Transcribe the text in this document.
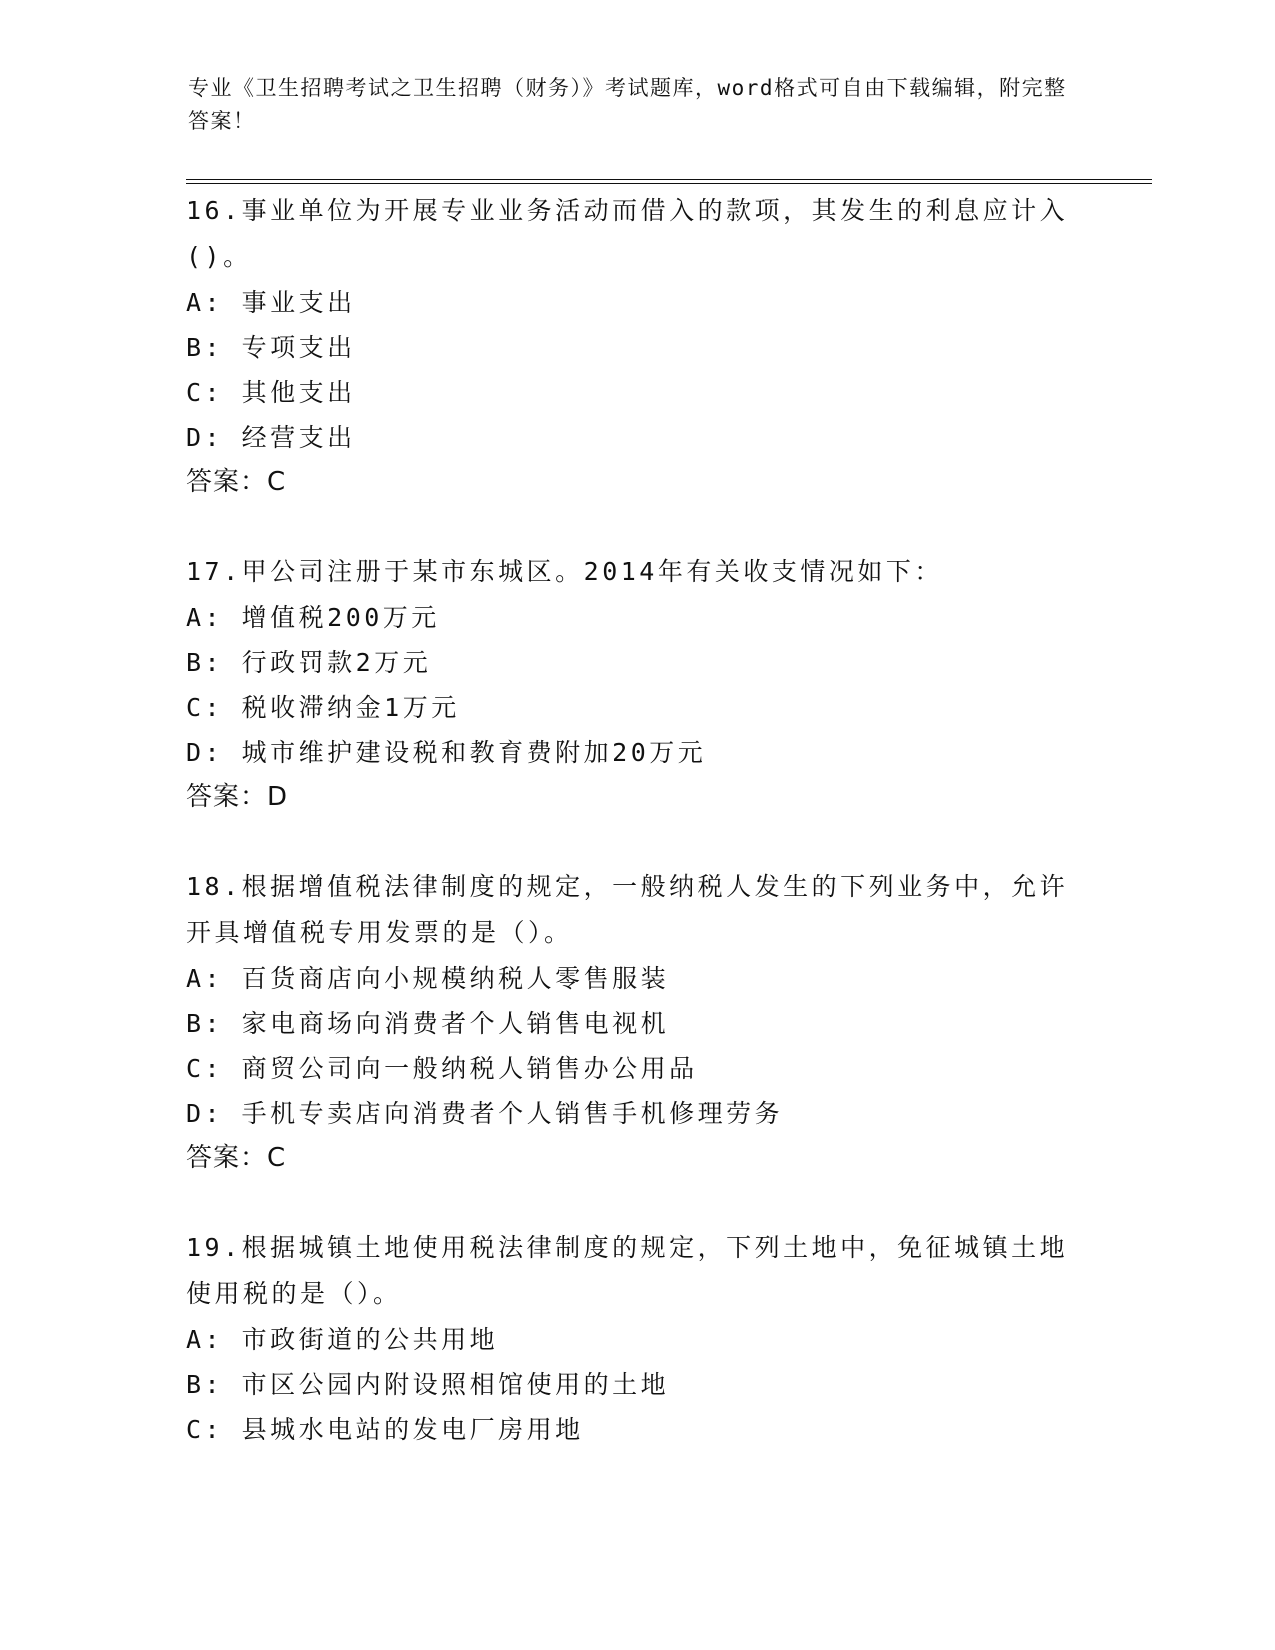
专业《卫生招聘考试之卫生招聘（财务）》考试题库，word格式可自由下载编辑，附完整答案！
16.事业单位为开展专业业务活动而借入的款项，其发生的利息应计入()。
A: 事业支出
B: 专项支出
C: 其他支出
D: 经营支出
答案：C
17.甲公司注册于某市东城区。2014年有关收支情况如下：
A: 增值税200万元
B: 行政罚款2万元
C: 税收滞纳金1万元
D: 城市维护建设税和教育费附加20万元
答案：D
18.根据增值税法律制度的规定，一般纳税人发生的下列业务中，允许开具增值税专用发票的是（）。
A: 百货商店向小规模纳税人零售服装
B: 家电商场向消费者个人销售电视机
C: 商贸公司向一般纳税人销售办公用品
D: 手机专卖店向消费者个人销售手机修理劳务
答案：C
19.根据城镇土地使用税法律制度的规定，下列土地中，免征城镇土地使用税的是（）。
A: 市政街道的公共用地
B: 市区公园内附设照相馆使用的土地
C: 县城水电站的发电厂房用地
